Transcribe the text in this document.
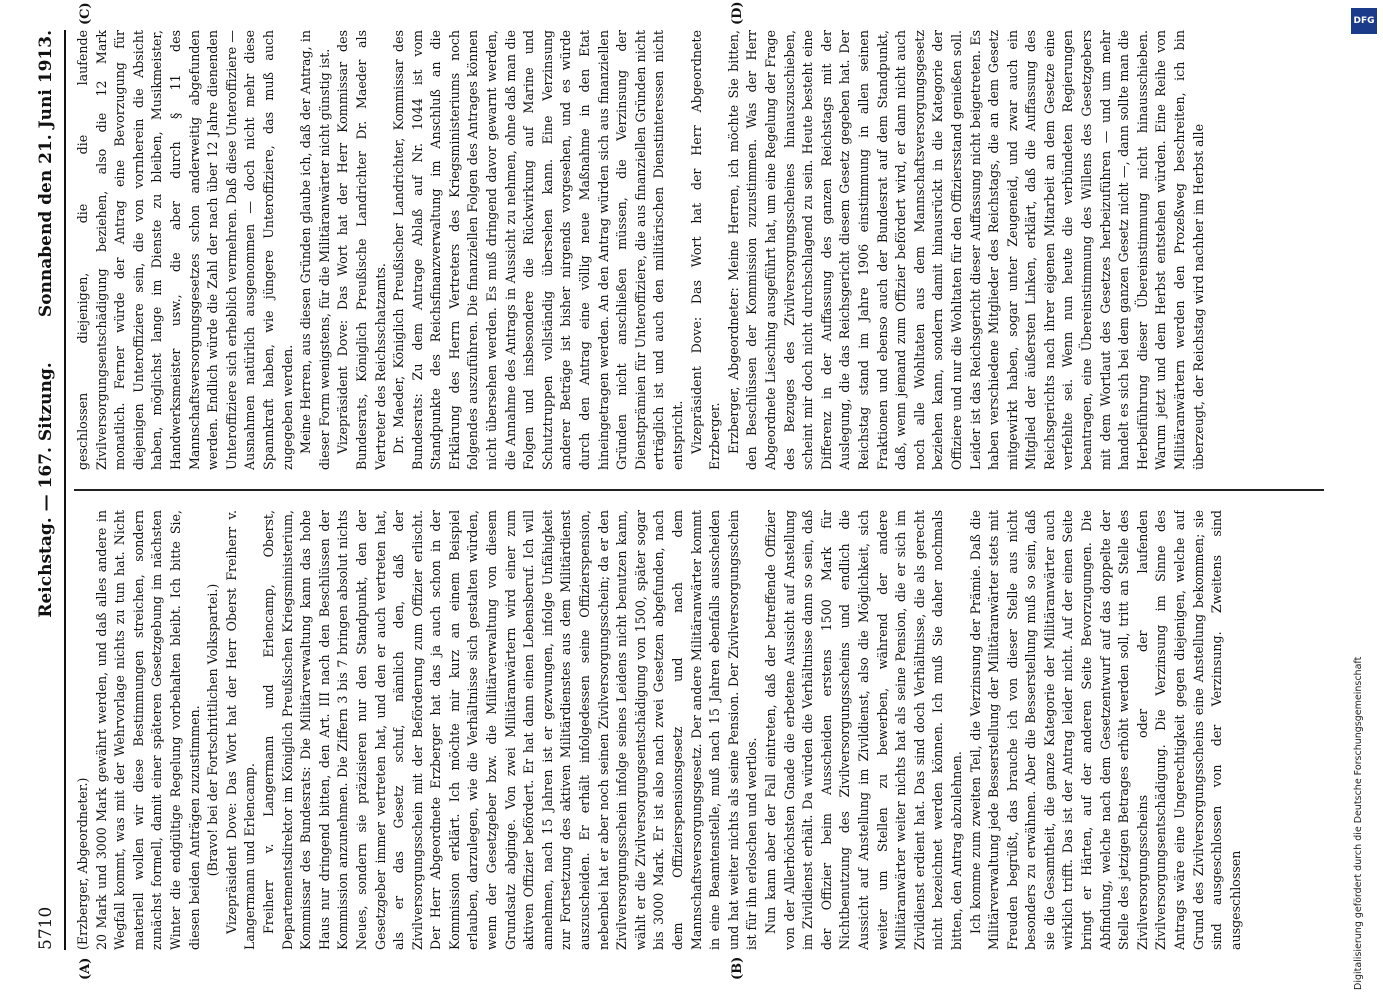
5710
Reichstag. — 167. Sitzung.
Sonnabend den 21. Juni 1913.
(A)	(B)
(C)	(D)

(Erzberger, Abgeordneter.) 20 Mark und 3000 Mark gewährt werden, und daß alles andere in Wegfall kommt, was mit der Wehrvorlage nichts zu tun hat. Nicht materiell wollen wir diese Bestimmungen streichen, sondern zunächst formell, damit einer späteren Gesetzgebung im nächsten Winter die endgültige Regelung vorbehalten bleibt. Ich bitte Sie, diesen beiden Anträgen zuzustimmen. (Bravo! bei der Fortschrittlichen Volkspartei.) Vizepräsident Dove: Das Wort hat der Herr Oberst Freiherr v. Langermann und Erlencamp. Freiherr v. Langermann und Erlencamp, Oberst, Departementsdirektor im Königlich Preußischen Kriegsministerium, Kommissar des Bundesrats: Die Militärverwaltung kann das hohe Haus nur dringend bitten, den Art. III nach den Beschlüssen der Kommission anzunehmen. Die Ziffern 3 bis 7 bringen absolut nichts Neues, sondern sie präzisieren nur den Standpunkt, den der Gesetzgeber immer vertreten hat, und den er auch vertreten hat, als er das Gesetz schuf, nämlich den, daß der Zivilversorgungsschein mit der Beförderung zum Offizier erlischt. Der Herr Abgeordnete Erzberger hat das ja auch schon in der Kommission erklärt. Ich möchte mir kurz an einem Beispiel erlauben, darzulegen, wie die Verhältnisse sich gestalten würden, wenn der Gesetzgeber bzw. die Militärverwaltung von diesem Grundsatz abginge. Von zwei Militäranwärtern wird einer zum aktiven Offizier befördert. Er hat dann einen Lebensberuf. Ich will annehmen, nach 15 Jahren ist er gezwungen, infolge Unfähigkeit zur Fortsetzung des aktiven Militärdienstes aus dem Militärdienst auszuscheiden. Er erhält infolgedessen seine Offizierspension, nebenbei hat er aber noch seinen Zivilversorgungsschein; da er den Zivilversorgungsschein infolge seines Leidens nicht benutzen kann, wählt er die Zivilversorgungsentschädigung von 1500, später sogar bis 3000 Mark. Er ist also nach zwei Gesetzen abgefunden, nach dem Offizierspensionsgesetz und nach dem Mannschaftsversorgungsgesetz. Der andere Militäranwärter kommt in eine Beamtenstelle, muß nach 15 Jahren ebenfalls ausscheiden und hat weiter nichts als seine Pension. Der Zivilversorgungsschein ist für ihn erloschen und wertlos. Nun kann aber der Fall eintreten, daß der betreffende Offizier von der Allerhöchsten Gnade die erbetene Aussicht auf Anstellung im Zivildienst erhält. Da würden die Verhältnisse dann so sein, daß der Offizier beim Ausscheiden erstens 1500 Mark für Nichtbenutzung des Zivilversorgungsscheins und endlich die Aussicht auf Anstellung im Zivildienst, also die Möglichkeit, sich weiter um Stellen zu bewerben, während der andere Militäranwärter weiter nichts hat als seine Pension, die er sich im Zivildienst erdient hat. Das sind doch Verhältnisse, die als gerecht nicht bezeichnet werden können. Ich muß Sie daher nochmals bitten, den Antrag abzulehnen. Ich komme zum zweiten Teil, die Verzinsung der Prämie. Daß die Militärverwaltung jede Besserstellung der Militäranwärter stets mit Freuden begrüßt, das brauche ich von dieser Stelle aus nicht besonders zu erwähnen. Aber die Besserstellung muß so sein, daß sie die Gesamtheit, die ganze Kategorie der Militäranwärter auch wirklich trifft. Das ist der Antrag leider nicht. Auf der einen Seite bringt er Härten, auf der anderen Seite Bevorzugungen. Die Abfindung, welche nach dem Gesetzentwurf auf das doppelte der Stelle des jetzigen Betrages erhöht werden soll, tritt an Stelle des Zivilversorgungsscheins oder der laufenden Zivilversorgungsentschädigung. Die Verzinsung im Sinne des Antrags wäre eine Ungerechtigkeit gegen diejenigen, welche auf Grund des Zivilversorgungsscheins eine Anstellung bekommen; sie sind ausgeschlossen von der Verzinsung. Zweitens sind ausgeschlossen

geschlossen diejenigen, die die laufende Zivilversorgungsentschädigung beziehen, also die 12 Mark monatlich. Ferner würde der Antrag eine Bevorzugung für diejenigen Unteroffiziere sein, die von vornherein die Absicht haben, möglichst lange im Dienste zu bleiben, Musikmeister, Handwerksmeister usw., die aber durch § 11 des Mannschaftsversorgungsgesetzes schon anderweitig abgefunden werden. Endlich würde die Zahl der nach über 12 Jahre dienenden Unteroffiziere sich erheblich vermehren. Daß diese Unteroffiziere — Ausnahmen natürlich ausgenommen — doch nicht mehr diese Spannkraft haben, wie jüngere Unteroffiziere, das muß auch zugegeben werden. Meine Herren, aus diesen Gründen glaube ich, daß der Antrag, in dieser Form wenigstens, für die Militäranwärter nicht günstig ist. Vizepräsident Dove: Das Wort hat der Herr Kommissar des Bundesrats, Königlich Preußische Landrichter Dr. Maeder als Vertreter des Reichsschatzamts. Dr. Maeder, Königlich Preußischer Landrichter, Kommissar des Bundesrats: Zu dem Antrage Ablaß auf Nr. 1044 ist vom Standpunkte des Reichsfinanzverwaltung im Anschluß an die Erklärung des Herrn Vertreters des Kriegsministeriums noch folgendes auszuführen. Die finanziellen Folgen des Antrages können nicht übersehen werden. Es muß dringend davor gewarnt werden, die Annahme des Antrags in Aussicht zu nehmen, ohne daß man die Folgen und insbesondere die Rückwirkung auf Marine und Schutztruppen vollständig übersehen kann. Eine Verzinsung anderer Beträge ist bisher nirgends vorgesehen, und es würde durch den Antrag eine völlig neue Maßnahme in den Etat hineingetragen werden. An den Antrag würden sich aus finanziellen Gründen nicht anschließen müssen, die Verzinsung der Dienstprämien für Unteroffiziere, die aus finanziellen Gründen nicht erträglich ist und auch den militärischen Dienstinteressen nicht entspricht. Vizepräsident Dove: Das Wort hat der Herr Abgeordnete Erzberger. Erzberger, Abgeordneter: Meine Herren, ich möchte Sie bitten, den Beschlüssen der Kommission zuzustimmen. Was der Herr Abgeordnete Liesching ausgeführt hat, um eine Regelung der Frage des Bezuges des Zivilversorgungsscheines hinauszuschieben, scheint mir doch nicht durchschlagend zu sein. Heute besteht eine Differenz in der Auffassung des ganzen Reichstags mit der Auslegung, die das Reichsgericht diesem Gesetz gegeben hat. Der Reichstag stand im Jahre 1906 einstimmung in allen seinen Fraktionen und ebenso auch der Bundesrat auf dem Standpunkt, daß, wenn jemand zum Offizier befördert wird, er dann nicht auch noch alle Wohltaten aus dem Mannschaftsversorgungsgesetz beziehen kann, sondern damit hinausrückt in die Kategorie der Offiziere und nur die Wohltaten für den Offiziersstand genießen soll. Leider ist das Reichsgericht dieser Auffassung nicht beigetreten. Es haben verschiedene Mitglieder des Reichstags, die an dem Gesetz mitgewirkt haben, sogar unter Zeugeneid, und zwar auch ein Mitglied der äußersten Linken, erklärt, daß die Auffassung des Reichsgerichts nach ihrer eigenen Mitarbeit an dem Gesetze eine verfehlte sei. Wenn nun heute die verbündeten Regierungen beantragen, eine Übereinstimmung des Willens des Gesetzgebers mit dem Wortlaut des Gesetzes herbeizuführen — und um mehr handelt es sich bei dem ganzen Gesetz nicht —, dann sollte man die Herbeiführung dieser Übereinstimmung nicht hinausschieben. Warum jetzt und dem Herbst entstehen würden. Eine Reihe von Militäranwärtern werden den Prozeßweg beschreiten, ich bin überzeugt, der Reichstag wird nachher im Herbst alle

DFG
Digitalisierung gefördert durch die Deutsche Forschungsgemeinschaft
